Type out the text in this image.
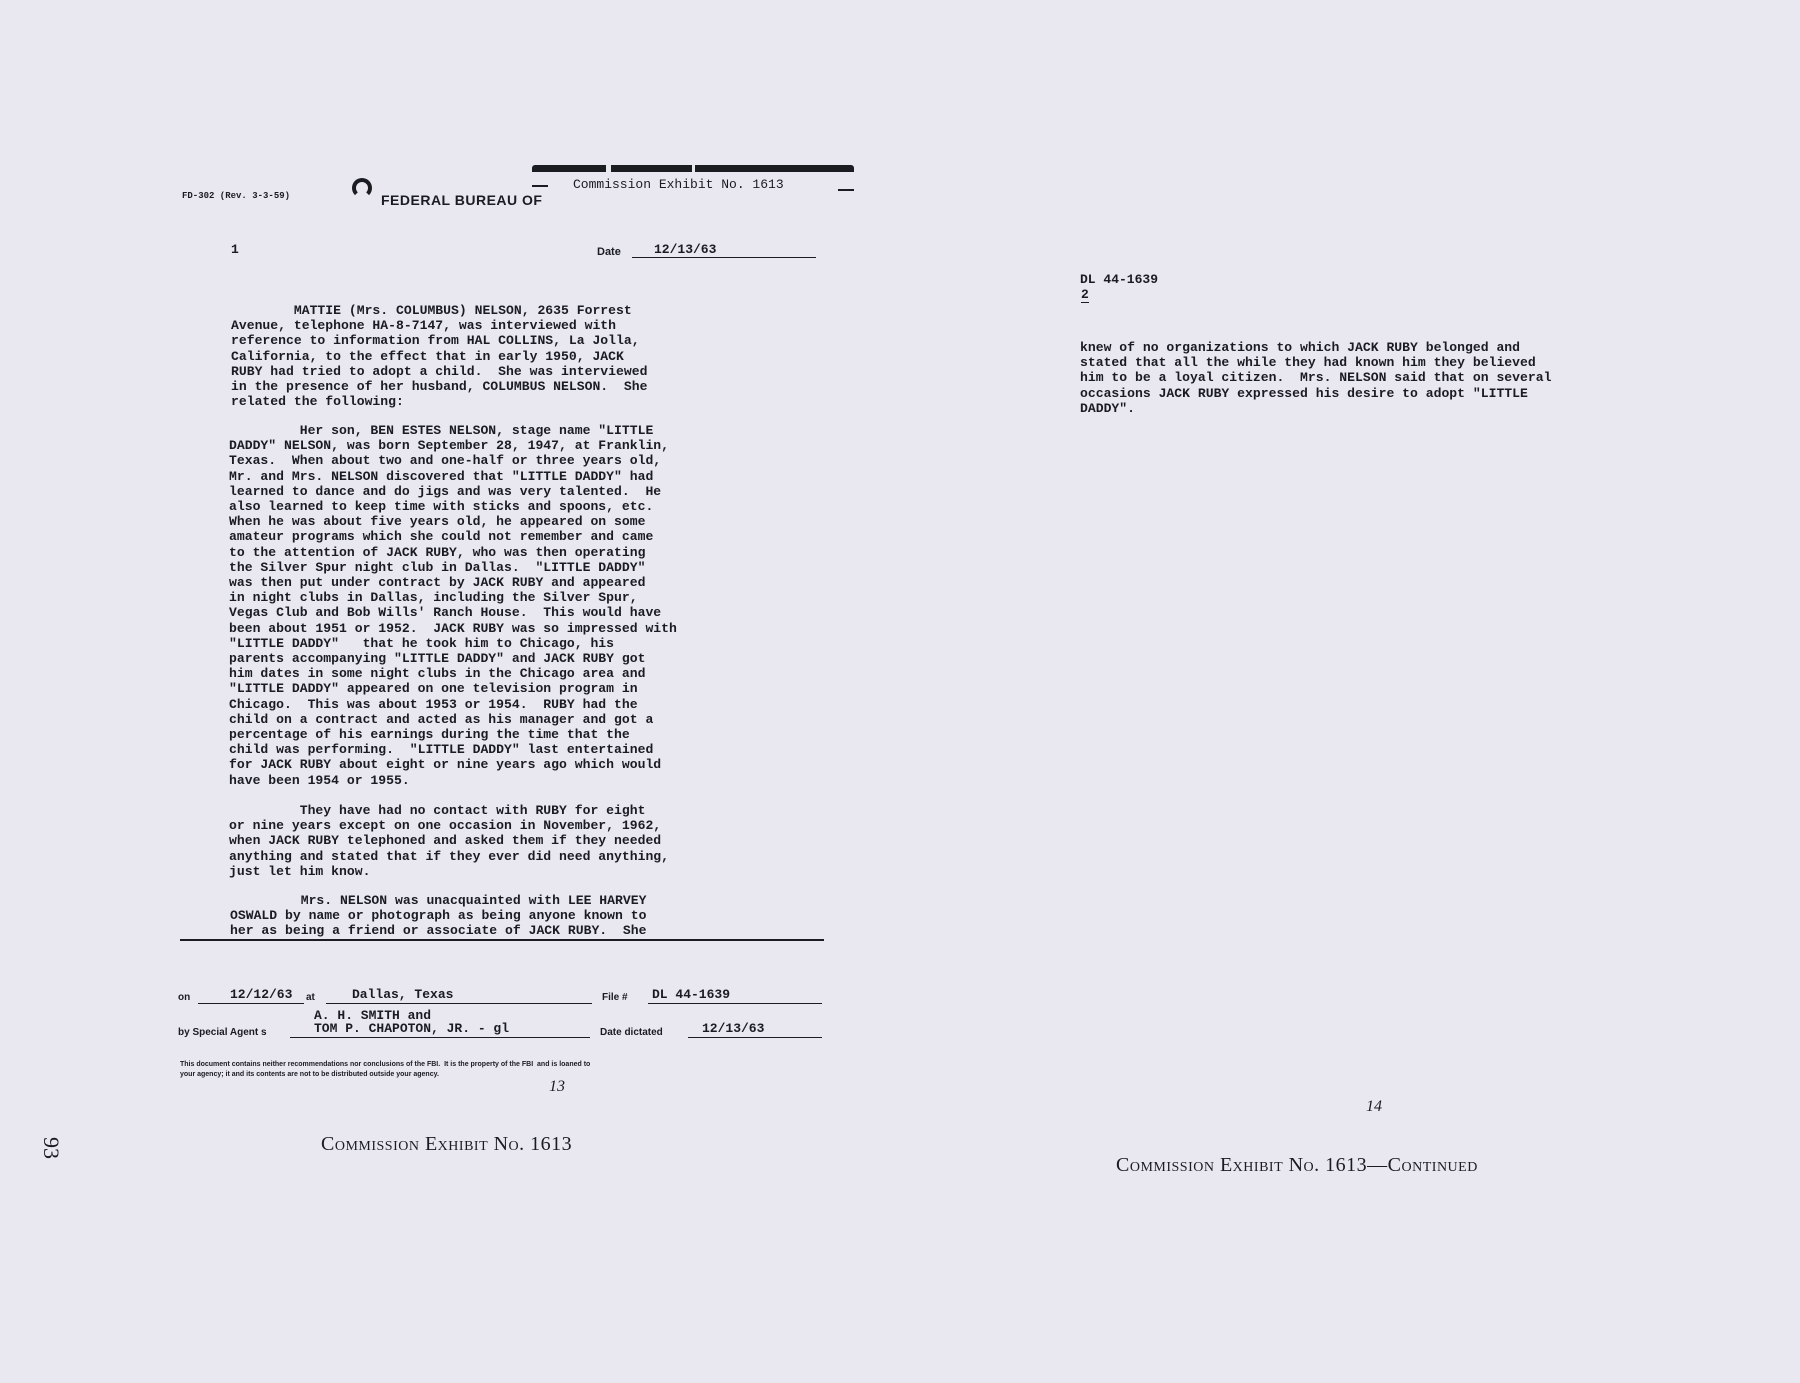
FD-302 (Rev. 3-3-59)	FEDERAL BUREAU OF
Commission Exhibit No. 1613
1	Date	12/13/63
MATTIE (Mrs. COLUMBUS) NELSON, 2635 Forrest
Avenue, telephone HA-8-7147, was interviewed with
reference to information from HAL COLLINS, La Jolla,
California, to the effect that in early 1950, JACK
RUBY had tried to adopt a child.  She was interviewed
in the presence of her husband, COLUMBUS NELSON.  She
related the following:
Her son, BEN ESTES NELSON, stage name "LITTLE
DADDY" NELSON, was born September 28, 1947, at Franklin,
Texas.  When about two and one-half or three years old,
Mr. and Mrs. NELSON discovered that "LITTLE DADDY" had
learned to dance and do jigs and was very talented.  He
also learned to keep time with sticks and spoons, etc.
When he was about five years old, he appeared on some
amateur programs which she could not remember and came
to the attention of JACK RUBY, who was then operating
the Silver Spur night club in Dallas.  "LITTLE DADDY"
was then put under contract by JACK RUBY and appeared
in night clubs in Dallas, including the Silver Spur,
Vegas Club and Bob Wills' Ranch House.  This would have
been about 1951 or 1952.  JACK RUBY was so impressed with
"LITTLE DADDY"   that he took him to Chicago, his
parents accompanying "LITTLE DADDY" and JACK RUBY got
him dates in some night clubs in the Chicago area and
"LITTLE DADDY" appeared on one television program in
Chicago.  This was about 1953 or 1954.  RUBY had the
child on a contract and acted as his manager and got a
percentage of his earnings during the time that the
child was performing.  "LITTLE DADDY" last entertained
for JACK RUBY about eight or nine years ago which would
have been 1954 or 1955.
They have had no contact with RUBY for eight
or nine years except on one occasion in November, 1962,
when JACK RUBY telephoned and asked them if they needed
anything and stated that if they ever did need anything,
just let him know.
Mrs. NELSON was unacquainted with LEE HARVEY
OSWALD by name or photograph as being anyone known to
her as being a friend or associate of JACK RUBY.  She
on	12/12/63	at	Dallas, Texas	File #	DL 44-1639
A. H. SMITH and
by Special Agent s	TOM P. CHAPOTON, JR. - gl	Date dictated	12/13/63
This document contains neither recommendations nor conclusions of the FBI.  It is the property of the FBI  and is loaned to
your agency; it and its contents are not to be distributed outside your agency.
13
Commission Exhibit No. 1613
93
DL 44-1639
2
knew of no organizations to which JACK RUBY belonged and
stated that all the while they had known him they believed
him to be a loyal citizen.  Mrs. NELSON said that on several
occasions JACK RUBY expressed his desire to adopt "LITTLE
DADDY".
14
Commission Exhibit No. 1613—Continued
